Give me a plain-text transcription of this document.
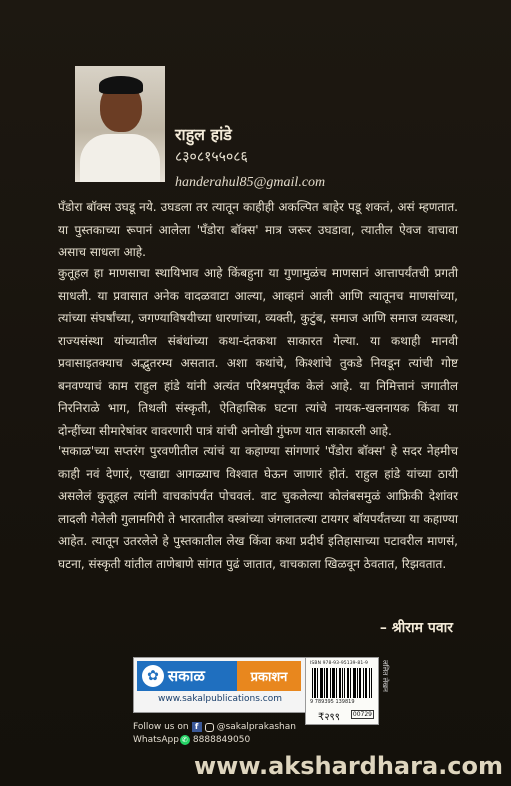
राहुल हांडे

८३०८१५५०८६

handerahul85@gmail.com

पँडोरा बॉक्स उघडू नये. उघडला तर त्यातून काहीही अकल्पित बाहेर पडू शकतं, असं म्हणतात. या पुस्तकाच्या रूपानं आलेला 'पँडोरा बॉक्स' मात्र जरूर उघडावा, त्यातील ऐवज वाचावा असाच साधला आहे.

कुतूहल हा माणसाचा स्थायिभाव आहे किंबहुना या गुणामुळंच माणसानं आत्तापर्यंतची प्रगती साधली. या प्रवासात अनेक वादळवाटा आल्या, आव्हानं आली आणि त्यातूनच माणसांच्या, त्यांच्या संघर्षांच्या, जगण्याविषयीच्या धारणांच्या, व्यक्ती, कुटुंब, समाज आणि समाज व्यवस्था, राज्यसंस्था यांच्यातील संबंधांच्या कथा-दंतकथा साकारत गेल्या. या कथाही मानवी प्रवासाइतक्याच अद्भुतरम्य असतात. अशा कथांचे, किश्शांचे तुकडे निवडून त्यांची गोष्ट बनवण्याचं काम राहुल हांडे यांनी अत्यंत परिश्रमपूर्वक केलं आहे. या निमित्तानं जगातील निरनिराळे भाग, तिथली संस्कृती, ऐतिहासिक घटना त्यांचे नायक-खलनायक किंवा या दोन्हींच्या सीमारेषांवर वावरणारी पात्रं यांची अनोखी गुंफण यात साकारली आहे.

'सकाळ'च्या सप्तरंग पुरवणीतील त्यांचं या कहाण्या सांगणारं 'पँडोरा बॉक्स' हे सदर नेहमीच काही नवं देणारं, एखाद्या आगळ्याच विश्वात घेऊन जाणारं होतं. राहुल हांडे यांच्या ठायी असलेलं कुतूहल त्यांनी वाचकांपर्यंत पोचवलं. वाट चुकलेल्या कोलंबसमुळं आफ्रिकी देशांवर लादली गेलेली गुलामगिरी ते भारतातील वस्त्रांच्या जंगलातल्या टायगर बॉयपर्यंतच्या या कहाण्या आहेत. त्यातून उतरलेले हे पुस्तकातील लेख किंवा कथा प्रदीर्घ इतिहासाच्या पटावरील माणसं, घटना, संस्कृती यांतील ताणेबाणे सांगत पुढं जातात, वाचकाला खिळवून ठेवतात, रिझवतात.

– श्रीराम पवार

✿ सकाळ	प्रकाशन
www.sakalpublications.com
ISBN 978-93-95139-81-9
9 789395 139819
₹२९९	00729
ललित लेखन
Follow us on f	@sakalprakashan
WhatsApp ✆ 8888849050
www.akshardhara.com
